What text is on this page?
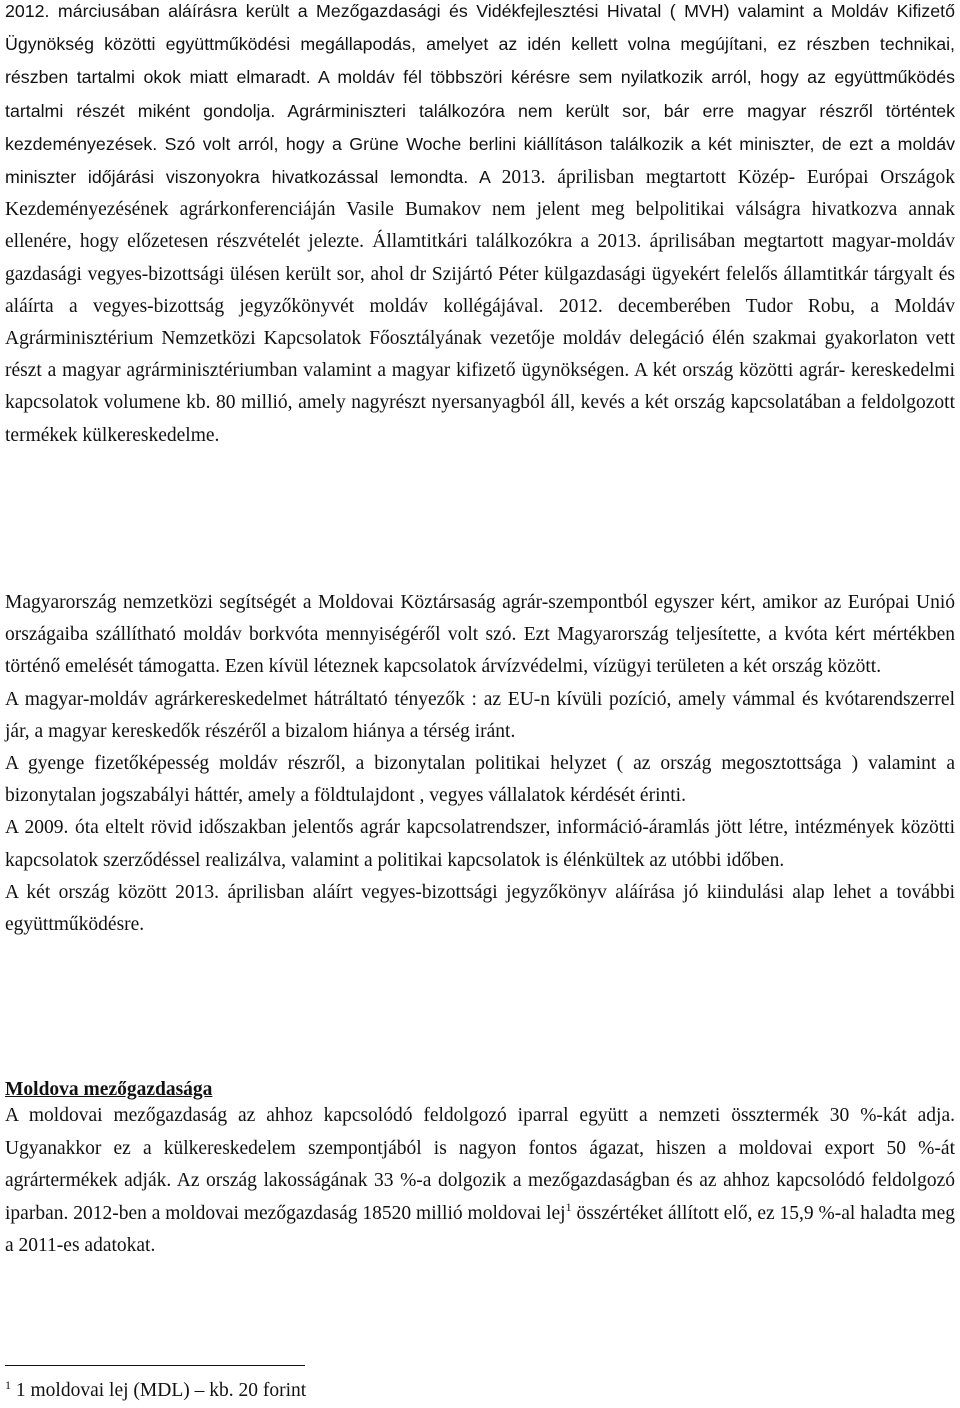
2012. márciusában aláírásra került a Mezőgazdasági és Vidékfejlesztési Hivatal ( MVH) valamint a Moldáv Kifizető Ügynökség közötti együttműködési megállapodás, amelyet az idén kellett volna megújítani, ez részben technikai, részben tartalmi okok miatt elmaradt. A moldáv fél többszöri kérésre sem nyilatkozik arról, hogy az együttműködés tartalmi részét miként gondolja. Agrárminiszteri találkozóra nem került sor, bár erre magyar részről történtek kezdeményezések. Szó volt arról, hogy a Grüne Woche berlini kiállításon találkozik a két miniszter, de ezt a moldáv miniszter időjárási viszonyokra hivatkozással lemondta. A 2013. áprilisban megtartott Közép- Európai Országok Kezdeményezésének agrárkonferenciáján Vasile Bumakov nem jelent meg belpolitikai válságra hivatkozva annak ellenére, hogy előzetesen részvételét jelezte. Államtitkári találkozókra a 2013. áprilisában megtartott magyar-moldáv gazdasági vegyes-bizottsági ülésen került sor, ahol dr Szijártó Péter külgazdasági ügyekért felelős államtitkár tárgyalt és aláírta a vegyes-bizottság jegyzőkönyvét moldáv kollégájával. 2012. decemberében Tudor Robu, a Moldáv Agrárminisztérium Nemzetközi Kapcsolatok Főosztályának vezetője moldáv delegáció élén szakmai gyakorlaton vett részt a magyar agrárminisztériumban valamint a magyar kifizető ügynökségen. A két ország közötti agrár- kereskedelmi kapcsolatok volumene kb. 80 millió, amely nagyrészt nyersanyagból áll, kevés a két ország kapcsolatában a feldolgozott termékek külkereskedelme.

Magyarország nemzetközi segítségét a Moldovai Köztársaság agrár-szempontból egyszer kért, amikor az Európai Unió országaiba szállítható moldáv borkvóta mennyiségéről volt szó. Ezt Magyarország teljesítette, a kvóta kért mértékben történő emelését támogatta. Ezen kívül léteznek kapcsolatok árvízvédelmi, vízügyi területen a két ország között.

A magyar-moldáv agrárkereskedelmet hátráltató tényezők : az EU-n kívüli pozíció, amely vámmal és kvótarendszerrel jár, a magyar kereskedők részéről a bizalom hiánya a térség iránt.

A gyenge fizetőképesség moldáv részről, a bizonytalan politikai helyzet ( az ország megosztottsága ) valamint a bizonytalan jogszabályi háttér, amely a földtulajdont , vegyes vállalatok kérdését érinti.

A 2009. óta eltelt rövid időszakban jelentős agrár kapcsolatrendszer, információ-áramlás jött létre, intézmények közötti kapcsolatok szerződéssel realizálva, valamint a politikai kapcsolatok is élénkültek az utóbbi időben.

A két ország között 2013. áprilisban aláírt vegyes-bizottsági jegyzőkönyv aláírása jó kiindulási alap lehet a további együttműködésre.

Moldova mezőgazdasága

A moldovai mezőgazdaság az ahhoz kapcsolódó feldolgozó iparral együtt a nemzeti össztermék 30 %-kát adja. Ugyanakkor ez a külkereskedelem szempontjából is nagyon fontos ágazat, hiszen a moldovai export 50 %-át agrártermékek adják. Az ország lakosságának 33 %-a dolgozik a mezőgazdaságban és az ahhoz kapcsolódó feldolgozó iparban. 2012-ben a moldovai mezőgazdaság 18520 millió moldovai lej$^1$ összértéket állított elő, ez 15,9 %-al haladta meg a 2011-es adatokat.

$^1$ 1 moldovai lej (MDL) – kb. 20 forint
